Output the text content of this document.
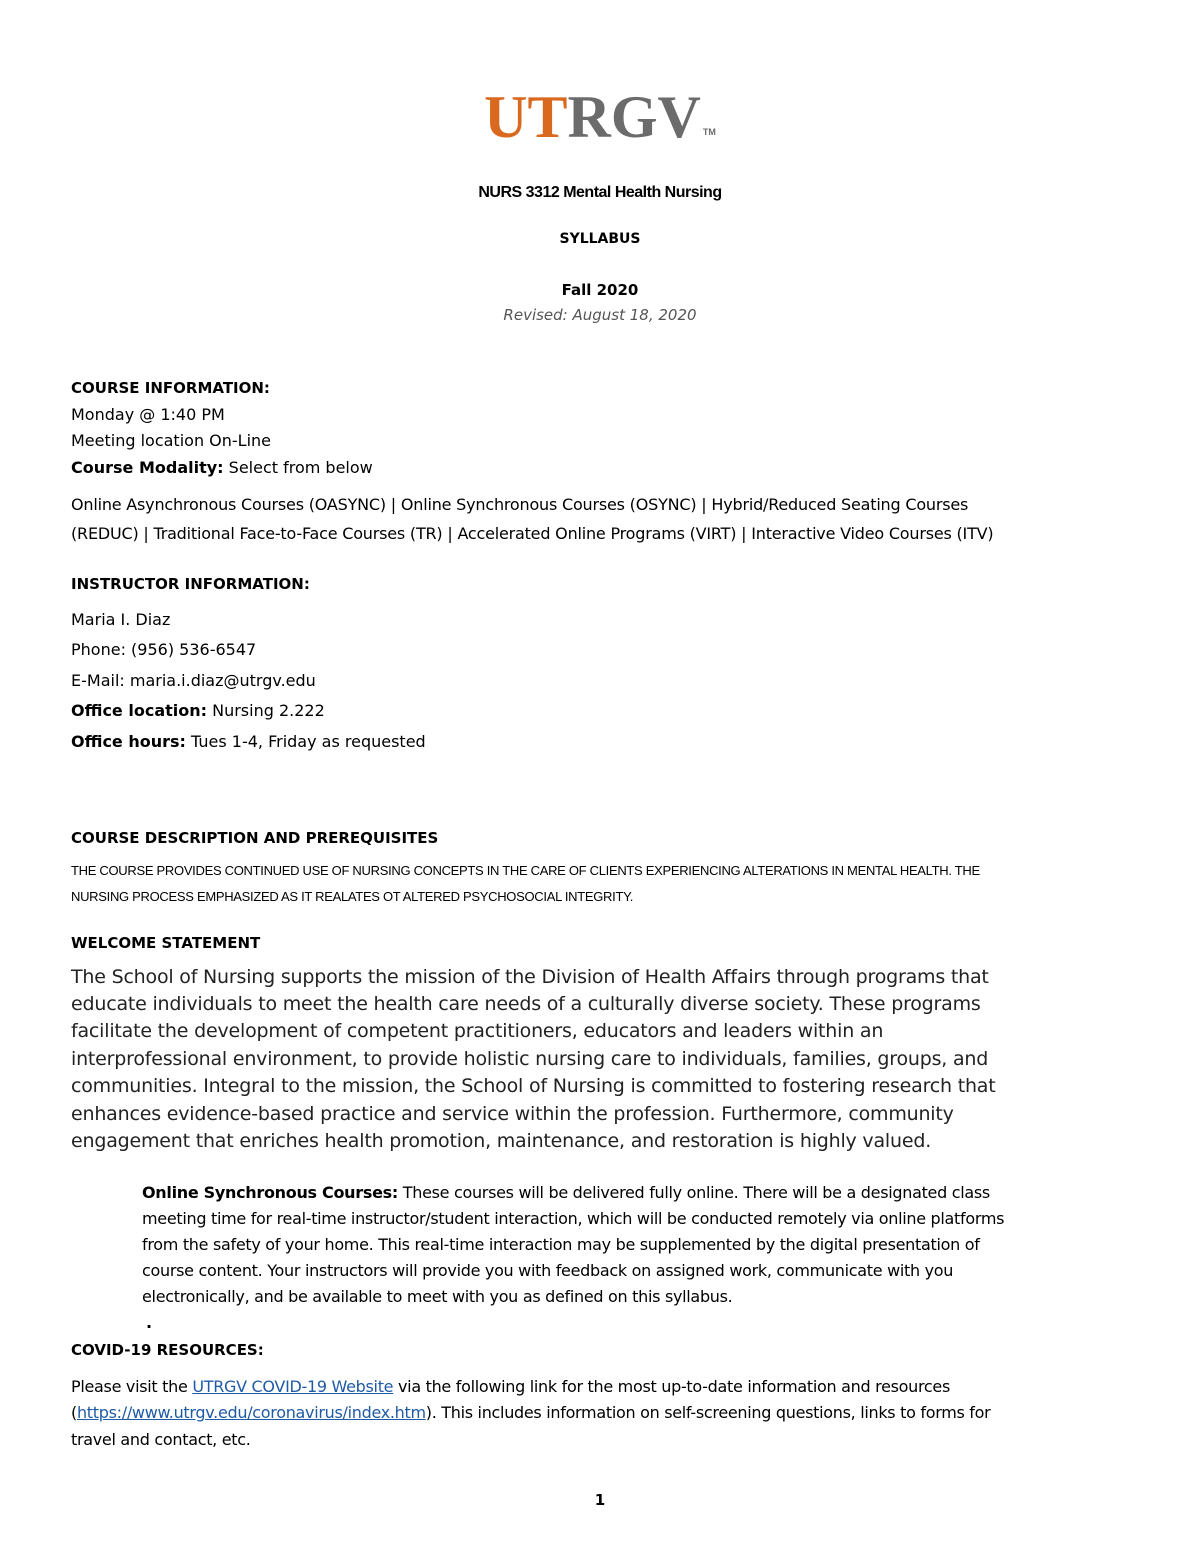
UTRGV TM
NURS 3312 Mental Health Nursing
SYLLABUS
Fall 2020
Revised: August 18, 2020
COURSE INFORMATION:
Monday @ 1:40 PM
Meeting location On-Line
Course Modality: Select from below
Online Asynchronous Courses (OASYNC) | Online Synchronous Courses (OSYNC) | Hybrid/Reduced Seating Courses
(REDUC) | Traditional Face-to-Face Courses (TR) | Accelerated Online Programs (VIRT) | Interactive Video Courses (ITV)
INSTRUCTOR INFORMATION:
Maria I. Diaz
Phone: (956) 536-6547
E-Mail: maria.i.diaz@utrgv.edu
Office location: Nursing 2.222
Office hours: Tues 1-4, Friday as requested
COURSE DESCRIPTION AND PREREQUISITES
THE COURSE PROVIDES CONTINUED USE OF NURSING CONCEPTS IN THE CARE OF CLIENTS EXPERIENCING ALTERATIONS IN MENTAL HEALTH. THE
NURSING PROCESS EMPHASIZED AS IT REALATES OT ALTERED PSYCHOSOCIAL INTEGRITY.
WELCOME STATEMENT
The School of Nursing supports the mission of the Division of Health Affairs through programs that
educate individuals to meet the health care needs of a culturally diverse society. These programs
facilitate the development of competent practitioners, educators and leaders within an
interprofessional environment, to provide holistic nursing care to individuals, families, groups, and
communities. Integral to the mission, the School of Nursing is committed to fostering research that
enhances evidence-based practice and service within the profession. Furthermore, community
engagement that enriches health promotion, maintenance, and restoration is highly valued.
Online Synchronous Courses: These courses will be delivered fully online. There will be a designated class
meeting time for real-time instructor/student interaction, which will be conducted remotely via online platforms
from the safety of your home. This real-time interaction may be supplemented by the digital presentation of
course content. Your instructors will provide you with feedback on assigned work, communicate with you
electronically, and be available to meet with you as defined on this syllabus.
.
COVID-19 RESOURCES:
Please visit the UTRGV COVID-19 Website via the following link for the most up-to-date information and resources
(https://www.utrgv.edu/coronavirus/index.htm). This includes information on self-screening questions, links to forms for
travel and contact, etc.
1
